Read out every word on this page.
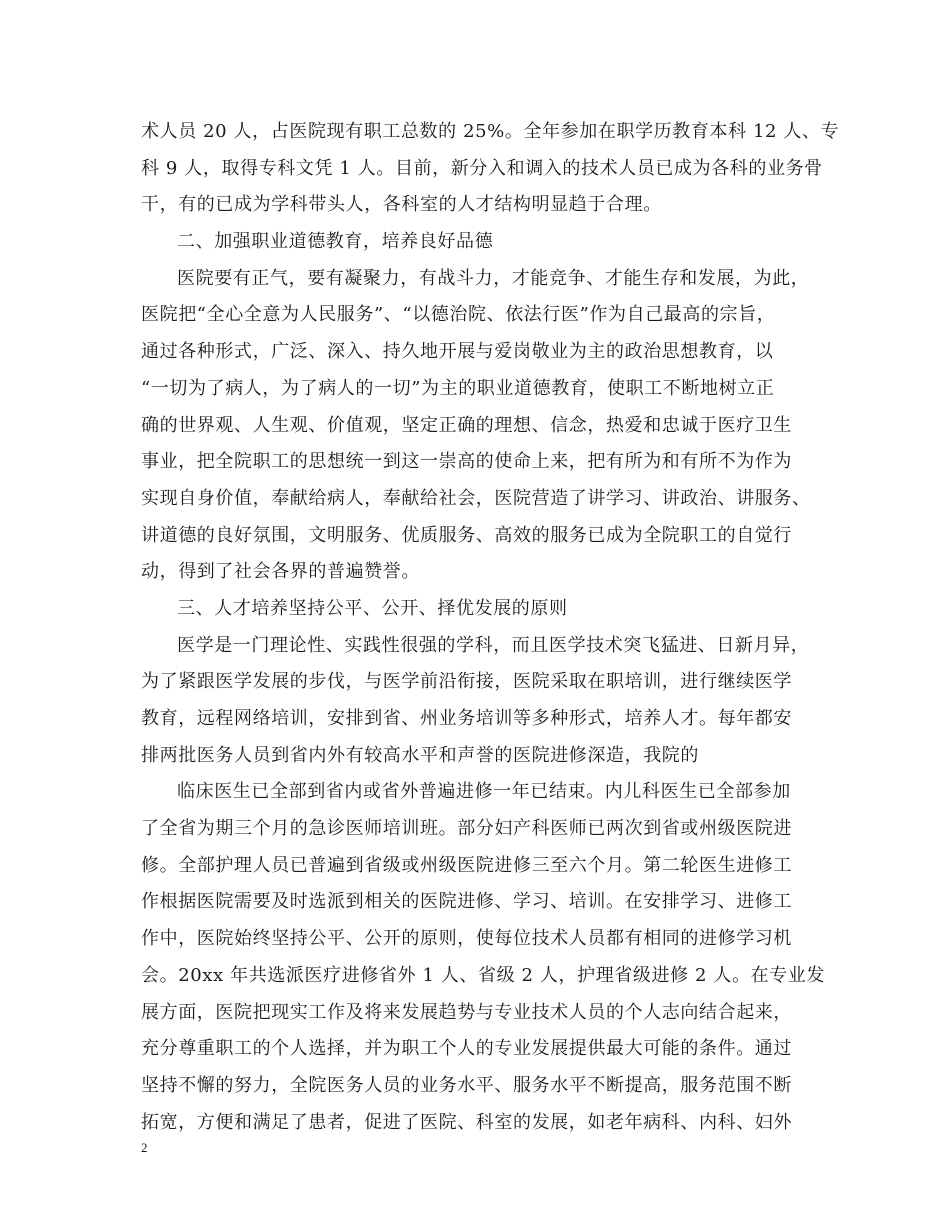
术人员 20 人，占医院现有职工总数的 25%。全年参加在职学历教育本科 12 人、专
科 9 人，取得专科文凭 1 人。目前，新分入和调入的技术人员已成为各科的业务骨
干，有的已成为学科带头人，各科室的人才结构明显趋于合理。
二、加强职业道德教育，培养良好品德
医院要有正气，要有凝聚力，有战斗力，才能竞争、才能生存和发展，为此，
医院把“全心全意为人民服务”、“以德治院、依法行医”作为自己最高的宗旨，
通过各种形式，广泛、深入、持久地开展与爱岗敬业为主的政治思想教育，以
“一切为了病人，为了病人的一切”为主的职业道德教育，使职工不断地树立正
确的世界观、人生观、价值观，坚定正确的理想、信念，热爱和忠诚于医疗卫生
事业，把全院职工的思想统一到这一崇高的使命上来，把有所为和有所不为作为
实现自身价值，奉献给病人，奉献给社会，医院营造了讲学习、讲政治、讲服务、
讲道德的良好氛围，文明服务、优质服务、高效的服务已成为全院职工的自觉行
动，得到了社会各界的普遍赞誉。
三、人才培养坚持公平、公开、择优发展的原则
医学是一门理论性、实践性很强的学科，而且医学技术突飞猛进、日新月异，
为了紧跟医学发展的步伐，与医学前沿衔接，医院采取在职培训，进行继续医学
教育，远程网络培训，安排到省、州业务培训等多种形式，培养人才。每年都安
排两批医务人员到省内外有较高水平和声誉的医院进修深造，我院的
临床医生已全部到省内或省外普遍进修一年已结束。内儿科医生已全部参加
了全省为期三个月的急诊医师培训班。部分妇产科医师已两次到省或州级医院进
修。全部护理人员已普遍到省级或州级医院进修三至六个月。第二轮医生进修工
作根据医院需要及时选派到相关的医院进修、学习、培训。在安排学习、进修工
作中，医院始终坚持公平、公开的原则，使每位技术人员都有相同的进修学习机
会。20xx 年共选派医疗进修省外 1 人、省级 2 人，护理省级进修 2 人。在专业发
展方面，医院把现实工作及将来发展趋势与专业技术人员的个人志向结合起来，
充分尊重职工的个人选择，并为职工个人的专业发展提供最大可能的条件。通过
坚持不懈的努力，全院医务人员的业务水平、服务水平不断提高，服务范围不断
拓宽，方便和满足了患者，促进了医院、科室的发展，如老年病科、内科、妇外
2
